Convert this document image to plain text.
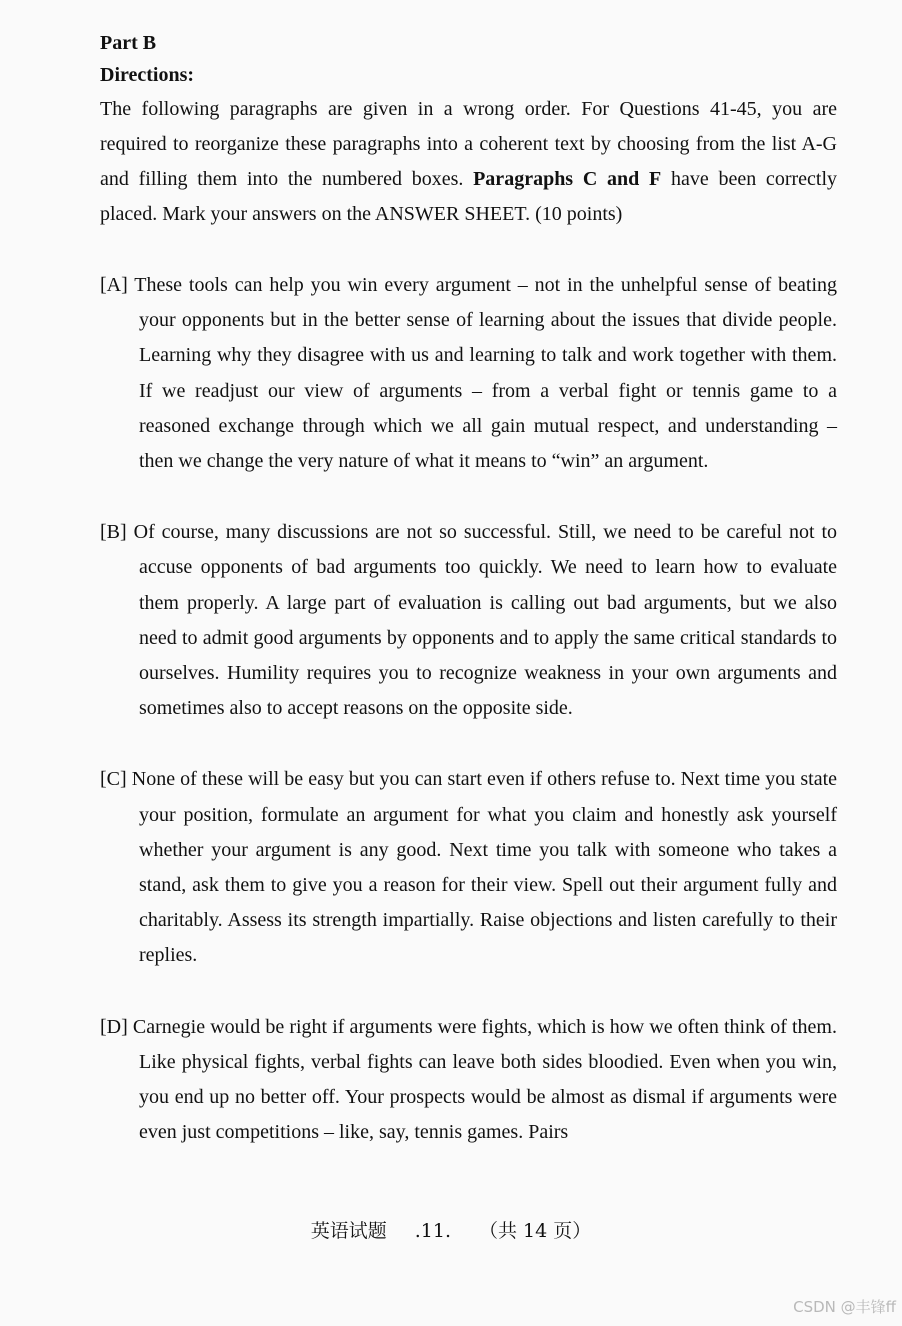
Part B

Directions:

The following paragraphs are given in a wrong order. For Questions 41-45, you are required to reorganize these paragraphs into a coherent text by choosing from the list A-G and filling them into the numbered boxes. Paragraphs C and F have been correctly placed. Mark your answers on the ANSWER SHEET. (10 points)

[A] These tools can help you win every argument – not in the unhelpful sense of beating your opponents but in the better sense of learning about the issues that divide people. Learning why they disagree with us and learning to talk and work together with them. If we readjust our view of arguments – from a verbal fight or tennis game to a reasoned exchange through which we all gain mutual respect, and understanding – then we change the very nature of what it means to “win” an argument.

[B] Of course, many discussions are not so successful. Still, we need to be careful not to accuse opponents of bad arguments too quickly. We need to learn how to evaluate them properly. A large part of evaluation is calling out bad arguments, but we also need to admit good arguments by opponents and to apply the same critical standards to ourselves. Humility requires you to recognize weakness in your own arguments and sometimes also to accept reasons on the opposite side.

[C] None of these will be easy but you can start even if others refuse to. Next time you state your position, formulate an argument for what you claim and honestly ask yourself whether your argument is any good. Next time you talk with someone who takes a stand, ask them to give you a reason for their view. Spell out their argument fully and charitably. Assess its strength impartially. Raise objections and listen carefully to their replies.

[D] Carnegie would be right if arguments were fights, which is how we often think of them. Like physical fights, verbal fights can leave both sides bloodied. Even when you win, you end up no better off. Your prospects would be almost as dismal if arguments were even just competitions – like, say, tennis games. Pairs

英语试题 .11. （共 14 页）
CSDN @丰锋ff
